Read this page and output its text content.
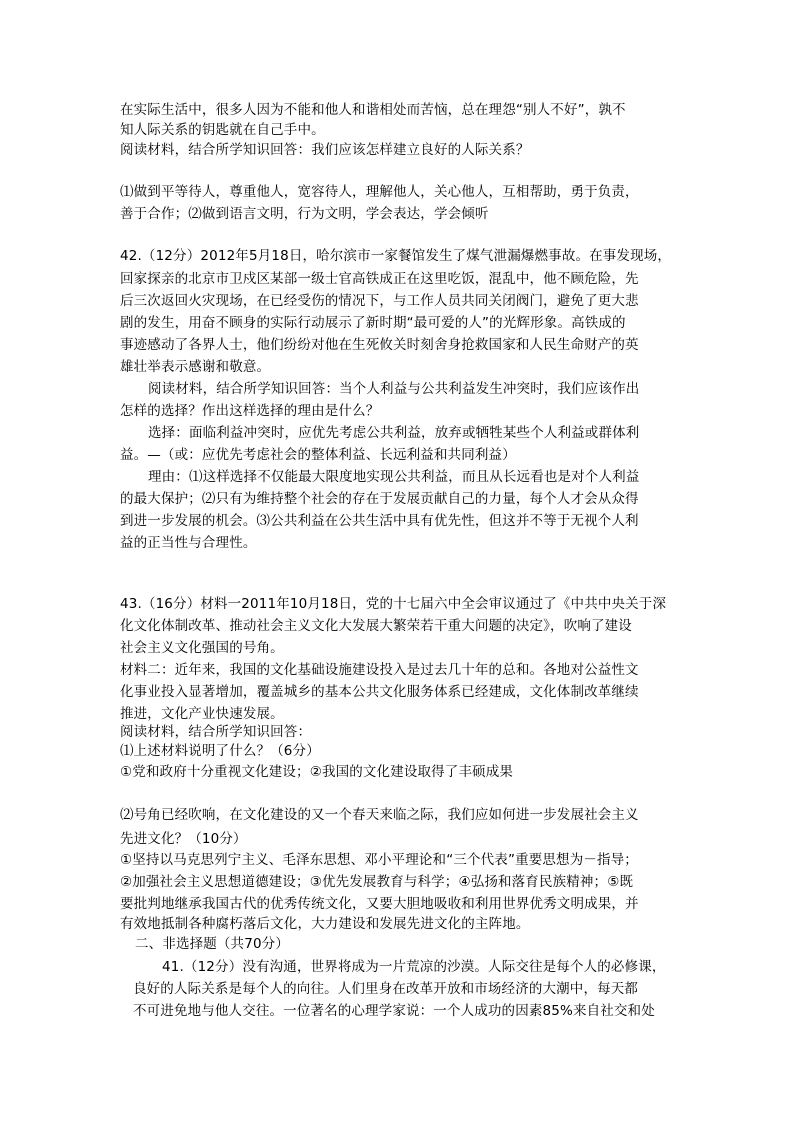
在实际生活中，很多人因为不能和他人和谐相处而苦恼，总在理怨“别人不好”，孰不
知人际关系的钥匙就在自己手中。
阅读材料，结合所学知识回答：我们应该怎样建立良好的人际关系？
⑴做到平等待人，尊重他人，宽容待人，理解他人，关心他人，互相帮助，勇于负责，
善于合作；⑵做到语言文明，行为文明，学会表达，学会倾听
42.（12分）2012年5月18日，哈尔滨市一家餐馆发生了煤气泄漏爆燃事故。在事发现场，
回家探亲的北京市卫戍区某部一级士官高铁成正在这里吃饭，混乱中，他不顾危险，先
后三次返回火灾现场，在已经受伤的情况下，与工作人员共同关闭阀门，避免了更大悲
剧的发生，用奋不顾身的实际行动展示了新时期“最可爱的人”的光辉形象。高铁成的
事迹感动了各界人士，他们纷纷对他在生死攸关时刻舍身抢救国家和人民生命财产的英
雄壮举表示感谢和敬意。
阅读材料，结合所学知识回答：当个人利益与公共利益发生冲突时，我们应该作出
怎样的选择？作出这样选择的理由是什么？
选择：面临利益冲突时，应优先考虑公共利益，放弃或牺牲某些个人利益或群体利
益。—（或：应优先考虑社会的整体利益、长远利益和共同利益）
理由：⑴这样选择不仅能最大限度地实现公共利益，而且从长远看也是对个人利益
的最大保护；⑵只有为维持整个社会的存在于发展贡献自己的力量，每个人才会从众得
到进一步发展的机会。⑶公共利益在公共生活中具有优先性，但这并不等于无视个人利
益的正当性与合理性。
43.（16分）材料一2011年10月18日，党的十七届六中全会审议通过了《中共中央关于深
化文化体制改革、推动社会主义文化大发展大繁荣若干重大问题的决定》，吹响了建设
社会主义文化强国的号角。
材料二：近年来，我国的文化基础设施建设投入是过去几十年的总和。各地对公益性文
化事业投入显著增加，覆盖城乡的基本公共文化服务体系已经建成，文化体制改革继续
推进，文化产业快速发展。
阅读材料，结合所学知识回答：
⑴上述材料说明了什么？（6分）
①党和政府十分重视文化建设；②我国的文化建设取得了丰硕成果
⑵号角已经吹响，在文化建设的又一个春天来临之际，我们应如何进一步发展社会主义
先进文化？（10分）
①坚持以马克思列宁主义、毛泽东思想、邓小平理论和“三个代表”重要思想为－指导；
②加强社会主义思想道德建设；③优先发展教育与科学；④弘扬和落育民族精神；⑤既
要批判地继承我国古代的优秀传统文化，又要大胆地吸收和利用世界优秀文明成果，并
有效地抵制各种腐朽落后文化，大力建设和发展先进文化的主阵地。
二、非选择题（共70分）
41.（12分）没有沟通，世界将成为一片荒凉的沙漠。人际交往是每个人的必修课，
良好的人际关系是每个人的向往。人们里身在改革开放和市场经济的大潮中，每天都
不可进免地与他人交往。一位著名的心理学家说：一个人成功的因素85%来自社交和处
